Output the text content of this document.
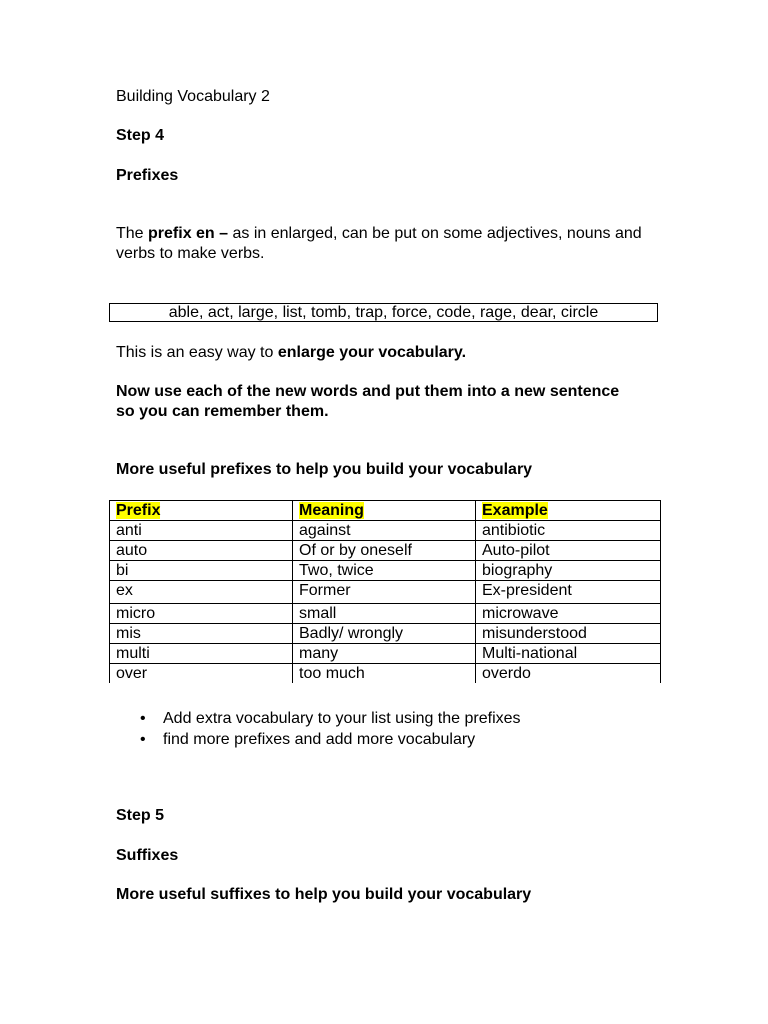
Building Vocabulary 2
Step 4
Prefixes
The prefix en – as in enlarged, can be put on some adjectives, nouns and verbs to make verbs.
able, act, large, list, tomb, trap, force, code, rage, dear, circle
This is an easy way to enlarge your vocabulary.
Now use each of the new words and put them into a new sentence so you can remember them.
More useful prefixes to help you build your vocabulary
Prefix	Meaning	Example
anti	against	antibiotic
auto	Of or by oneself	Auto-pilot
bi	Two, twice	biography
ex	Former	Ex-president
micro	small	microwave
mis	Badly/ wrongly	misunderstood
multi	many	Multi-national
over	too much	overdo
• Add extra vocabulary to your list using the prefixes
• find more prefixes and add more vocabulary
Step 5
Suffixes
More useful suffixes to help you build your vocabulary
